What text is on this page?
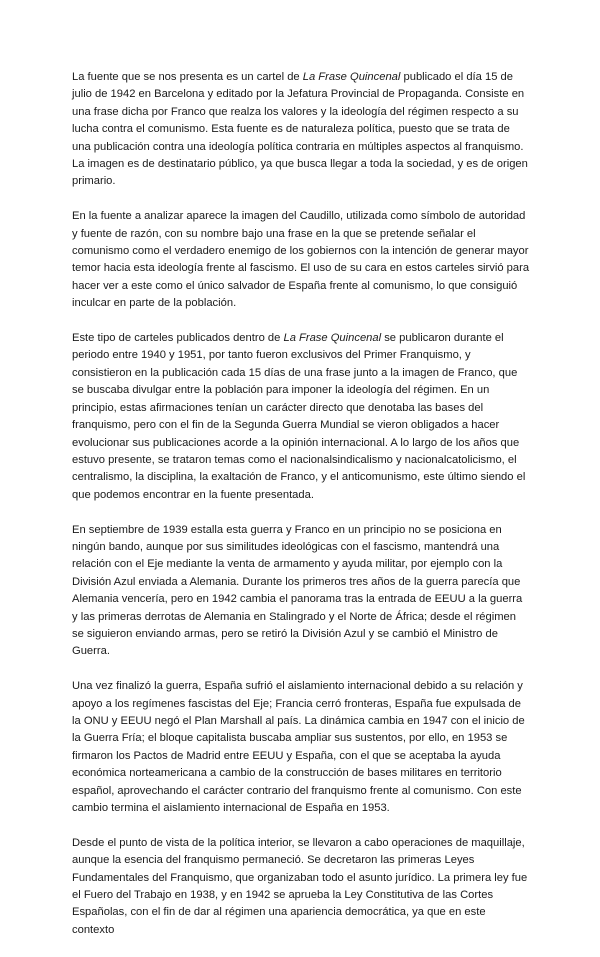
La fuente que se nos presenta es un cartel de La Frase Quincenal publicado el día 15 de julio de 1942 en Barcelona y editado por la Jefatura Provincial de Propaganda. Consiste en una frase dicha por Franco que realza los valores y la ideología del régimen respecto a su lucha contra el comunismo. Esta fuente es de naturaleza política, puesto que se trata de una publicación contra una ideología política contraria en múltiples aspectos al franquismo. La imagen es de destinatario público, ya que busca llegar a toda la sociedad, y es de origen primario.

En la fuente a analizar aparece la imagen del Caudillo, utilizada como símbolo de autoridad y fuente de razón, con su nombre bajo una frase en la que se pretende señalar el comunismo como el verdadero enemigo de los gobiernos con la intención de generar mayor temor hacia esta ideología frente al fascismo. El uso de su cara en estos carteles sirvió para hacer ver a este como el único salvador de España frente al comunismo, lo que consiguió inculcar en parte de la población.

Este tipo de carteles publicados dentro de La Frase Quincenal se publicaron durante el periodo entre 1940 y 1951, por tanto fueron exclusivos del Primer Franquismo, y consistieron en la publicación cada 15 días de una frase junto a la imagen de Franco, que se buscaba divulgar entre la población para imponer la ideología del régimen. En un principio, estas afirmaciones tenían un carácter directo que denotaba las bases del franquismo, pero con el fin de la Segunda Guerra Mundial se vieron obligados a hacer evolucionar sus publicaciones acorde a la opinión internacional. A lo largo de los años que estuvo presente, se trataron temas como el nacionalsindicalismo y nacionalcatolicismo, el centralismo, la disciplina, la exaltación de Franco, y el anticomunismo, este último siendo el que podemos encontrar en la fuente presentada.

En septiembre de 1939 estalla esta guerra y Franco en un principio no se posiciona en ningún bando, aunque por sus similitudes ideológicas con el fascismo, mantendrá una relación con el Eje mediante la venta de armamento y ayuda militar, por ejemplo con la División Azul enviada a Alemania. Durante los primeros tres años de la guerra parecía que Alemania vencería, pero en 1942 cambia el panorama tras la entrada de EEUU a la guerra y las primeras derrotas de Alemania en Stalingrado y el Norte de África; desde el régimen se siguieron enviando armas, pero se retiró la División Azul y se cambió el Ministro de Guerra.

Una vez finalizó la guerra, España sufrió el aislamiento internacional debido a su relación y apoyo a los regímenes fascistas del Eje; Francia cerró fronteras, España fue expulsada de la ONU y EEUU negó el Plan Marshall al país. La dinámica cambia en 1947 con el inicio de la Guerra Fría; el bloque capitalista buscaba ampliar sus sustentos, por ello, en 1953 se firmaron los Pactos de Madrid entre EEUU y España, con el que se aceptaba la ayuda económica norteamericana a cambio de la construcción de bases militares en territorio español, aprovechando el carácter contrario del franquismo frente al comunismo. Con este cambio termina el aislamiento internacional de España en 1953.

Desde el punto de vista de la política interior, se llevaron a cabo operaciones de maquillaje, aunque la esencia del franquismo permaneció. Se decretaron las primeras Leyes Fundamentales del Franquismo, que organizaban todo el asunto jurídico. La primera ley fue el Fuero del Trabajo en 1938, y en 1942 se aprueba la Ley Constitutiva de las Cortes Españolas, con el fin de dar al régimen una apariencia democrática, ya que en este contexto
